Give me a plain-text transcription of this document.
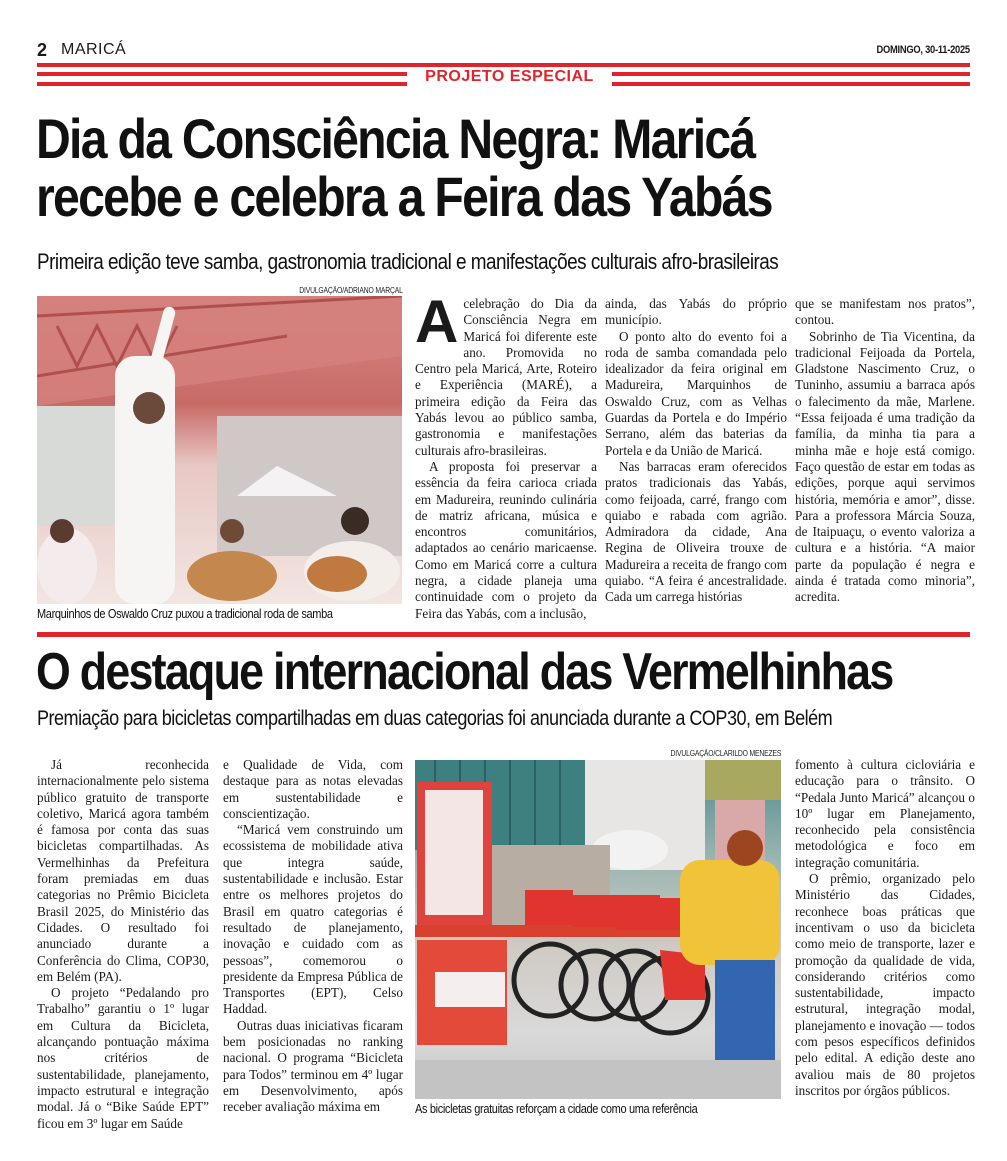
2 MARICÁ	DOMINGO, 30-11-2025
PROJETO ESPECIAL
Dia da Consciência Negra: Maricá
recebe e celebra a Feira das Yabás
Primeira edição teve samba, gastronomia tradicional e manifestações culturais afro-brasileiras
DIVULGAÇÃO/ADRIANO MARÇAL
Marquinhos de Oswaldo Cruz puxou a tradicional roda de samba

Acelebração do Dia da Consciência Negra em Maricá foi diferente este ano. Promovida no Centro pela Maricá, Arte, Roteiro e Experiência (MARÉ), a primeira edição da Feira das Yabás levou ao público samba, gastronomia e manifestações culturais afro-brasileiras.

A proposta foi preservar a essência da feira carioca criada em Madureira, reunindo culinária de matriz africana, música e encontros comunitários, adaptados ao cenário maricaense. Como em Maricá corre a cultura negra, a cidade planeja uma continuidade com o projeto da Feira das Yabás, com a inclusão,

ainda, das Yabás do próprio município.

O ponto alto do evento foi a roda de samba comandada pelo idealizador da feira original em Madureira, Marquinhos de Oswaldo Cruz, com as Velhas Guardas da Portela e do Império Serrano, além das baterias da Portela e da União de Maricá.

Nas barracas eram oferecidos pratos tradicionais das Yabás, como feijoada, carré, frango com quiabo e rabada com agrião. Admiradora da cidade, Ana Regina de Oliveira trouxe de Madureira a receita de frango com quiabo. “A feira é ancestralidade. Cada um carrega histórias

que se manifestam nos pratos”, contou.

Sobrinho de Tia Vicentina, da tradicional Feijoada da Portela, Gladstone Nascimento Cruz, o Tuninho, assumiu a barraca após o falecimento da mãe, Marlene. “Essa feijoada é uma tradição da família, da minha tia para a minha mãe e hoje está comigo. Faço questão de estar em todas as edições, porque aqui servimos história, memória e amor”, disse. Para a professora Márcia Souza, de Itaipuaçu, o evento valoriza a cultura e a história. “A maior parte da população é negra e ainda é tratada como minoria”, acredita.

O destaque internacional das Vermelhinhas
Premiação para bicicletas compartilhadas em duas categorias foi anunciada durante a COP30, em Belém

Já reconhecida internacionalmente pelo sistema público gratuito de transporte coletivo, Maricá agora também é famosa por conta das suas bicicletas compartilhadas. As Vermelhinhas da Prefeitura foram premiadas em duas categorias no Prêmio Bicicleta Brasil 2025, do Ministério das Cidades. O resultado foi anunciado durante a Conferência do Clima, COP30, em Belém (PA).

O projeto “Pedalando pro Trabalho” garantiu o 1º lugar em Cultura da Bicicleta, alcançando pontuação máxima nos critérios de sustentabilidade, planejamento, impacto estrutural e integração modal. Já o “Bike Saúde EPT” ficou em 3º lugar em Saúde

e Qualidade de Vida, com destaque para as notas elevadas em sustentabilidade e conscientização.

“Maricá vem construindo um ecossistema de mobilidade ativa que integra saúde, sustentabilidade e inclusão. Estar entre os melhores projetos do Brasil em quatro categorias é resultado de planejamento, inovação e cuidado com as pessoas”, comemorou o presidente da Empresa Pública de Transportes (EPT), Celso Haddad.

Outras duas iniciativas ficaram bem posicionadas no ranking nacional. O programa “Bicicleta para Todos” terminou em 4º lugar em Desenvolvimento, após receber avaliação máxima em

DIVULGAÇÃO/CLARILDO MENEZES
As bicicletas gratuitas reforçam a cidade como uma referência

fomento à cultura cicloviária e educação para o trânsito. O “Pedala Junto Maricá” alcançou o 10º lugar em Planejamento, reconhecido pela consistência metodológica e foco em integração comunitária.

O prêmio, organizado pelo Ministério das Cidades, reconhece boas práticas que incentivam o uso da bicicleta como meio de transporte, lazer e promoção da qualidade de vida, considerando critérios como sustentabilidade, impacto estrutural, integração modal, planejamento e inovação — todos com pesos específicos definidos pelo edital. A edição deste ano avaliou mais de 80 projetos inscritos por órgãos públicos.
